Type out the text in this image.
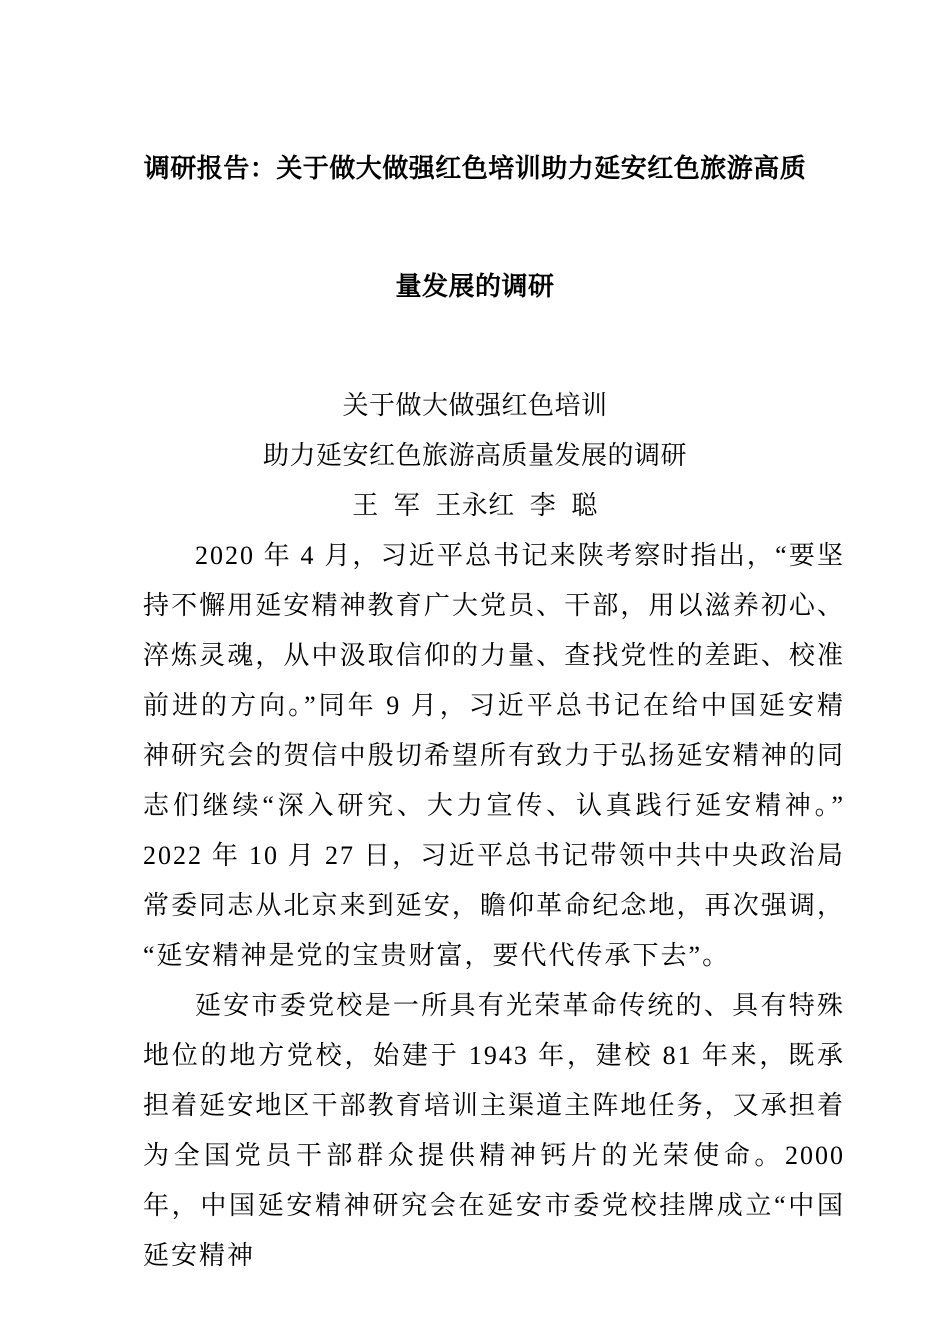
调研报告：关于做大做强红色培训助力延安红色旅游高质
量发展的调研
关于做大做强红色培训
助力延安红色旅游高质量发展的调研
王 军 王永红 李 聪

2020 年 4 月，习近平总书记来陕考察时指出，“要坚持不懈用延安精神教育广大党员、干部，用以滋养初心、淬炼灵魂，从中汲取信仰的力量、查找党性的差距、校准前进的方向。”同年 9 月，习近平总书记在给中国延安精神研究会的贺信中殷切希望所有致力于弘扬延安精神的同志们继续“深入研究、大力宣传、认真践行延安精神。”2022 年 10 月 27 日，习近平总书记带领中共中央政治局常委同志从北京来到延安，瞻仰革命纪念地，再次强调，“延安精神是党的宝贵财富，要代代传承下去”。

延安市委党校是一所具有光荣革命传统的、具有特殊地位的地方党校，始建于 1943 年，建校 81 年来，既承担着延安地区干部教育培训主渠道主阵地任务，又承担着为全国党员干部群众提供精神钙片的光荣使命。2000 年，中国延安精神研究会在延安市委党校挂牌成立“中国延安精神
